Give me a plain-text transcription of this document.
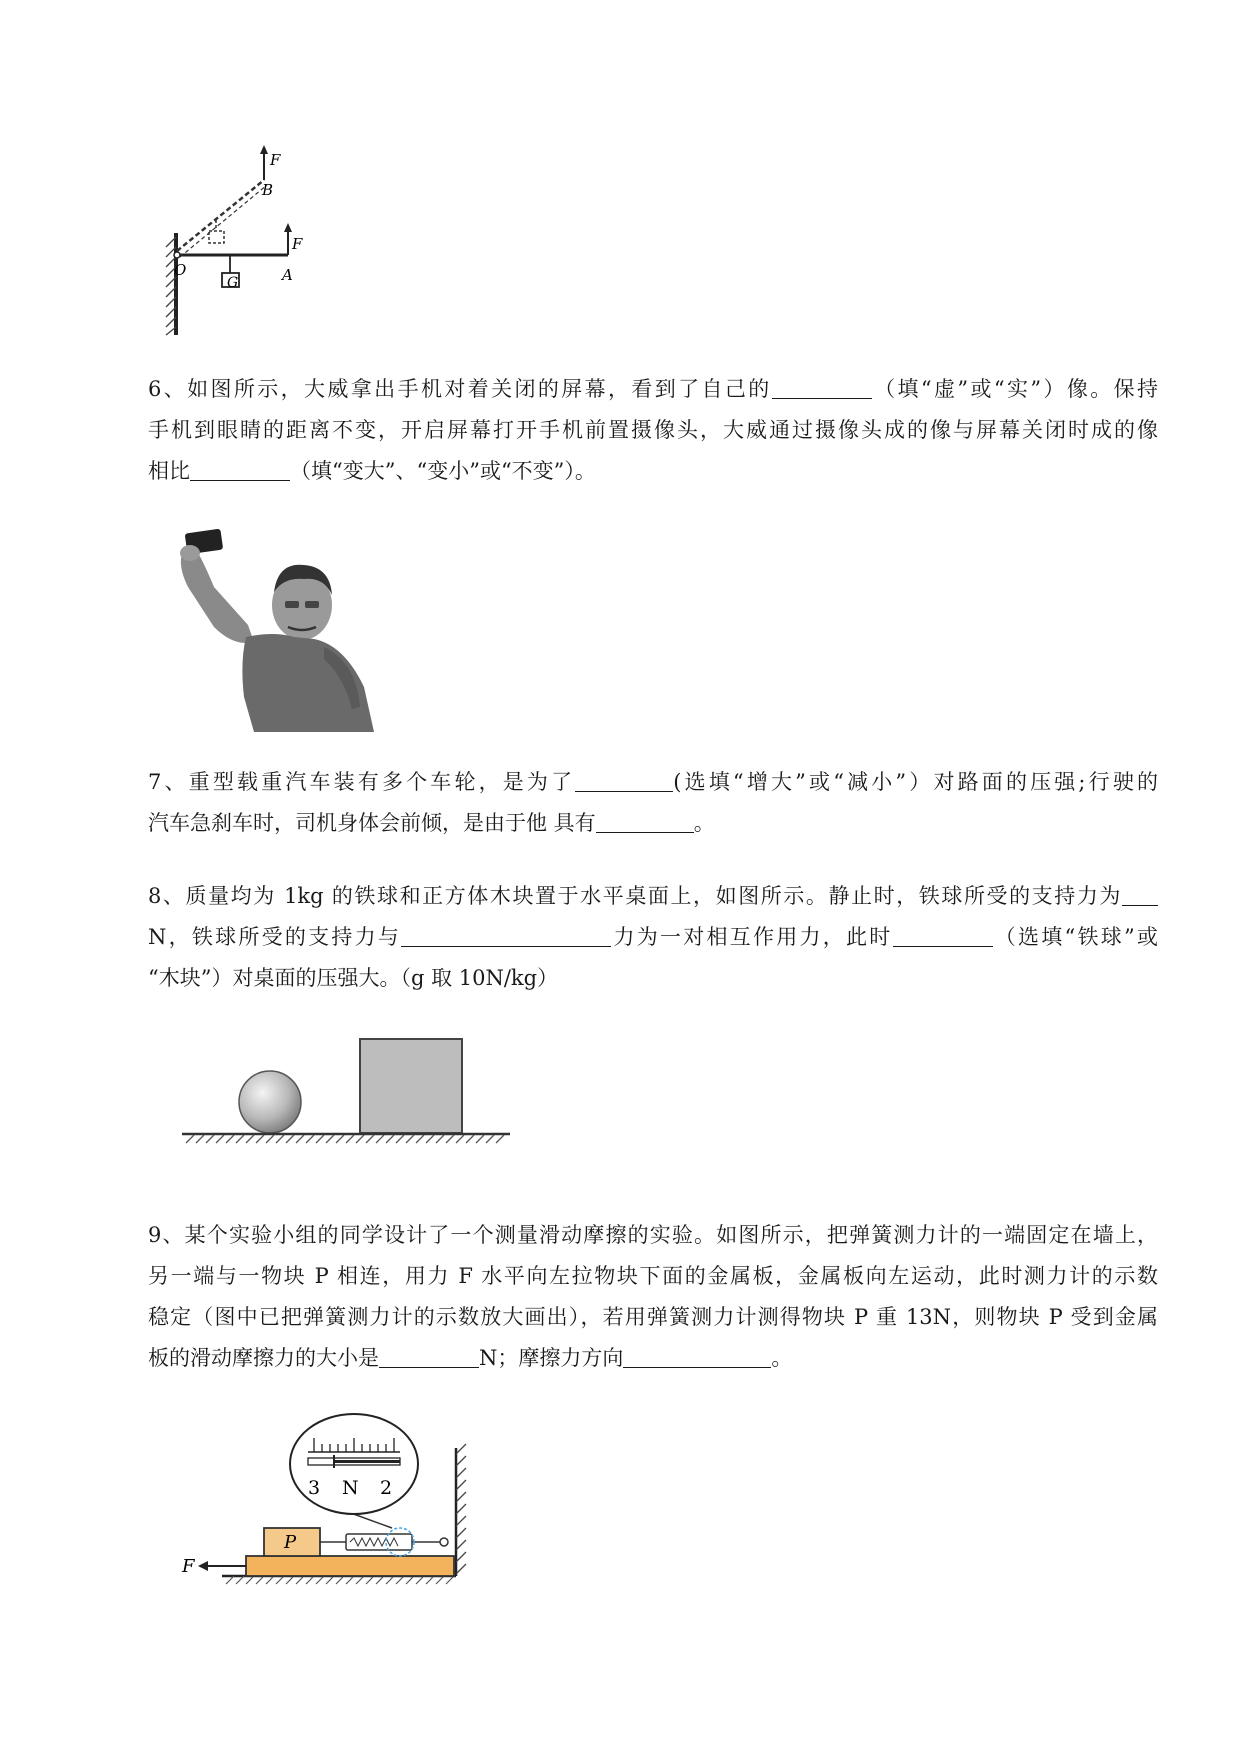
F
B
F
O	A
G
6、如图所示，大威拿出手机对着关闭的屏幕，看到了自己的	（填“虚”或“实”）像。保持
手机到眼睛的距离不变，开启屏幕打开手机前置摄像头，大威通过摄像头成的像与屏幕关闭时成的像
相比	（填“变大”、“变小”或“不变”）。
7、重型载重汽车装有多个车轮，是为了	(选填“增大”或“减小”）对路面的压强;行驶的
汽车急刹车时，司机身体会前倾，是由于他 具有	。
8、质量均为 1kg 的铁球和正方体木块置于水平桌面上，如图所示。静止时，铁球所受的支持力为
N，铁球所受的支持力与	力为一对相互作用力，此时	（选填“铁球”或
“木块”）对桌面的压强大。（g 取 10N/kg）
9、某个实验小组的同学设计了一个测量滑动摩擦的实验。如图所示，把弹簧测力计的一端固定在墙上，
另一端与一物块 P 相连，用力 F 水平向左拉物块下面的金属板，金属板向左运动，此时测力计的示数
稳定（图中已把弹簧测力计的示数放大画出），若用弹簧测力计测得物块 P 重 13N，则物块 P 受到金属
板的滑动摩擦力的大小是	N；摩擦力方向	。
P
F
3 N 2
